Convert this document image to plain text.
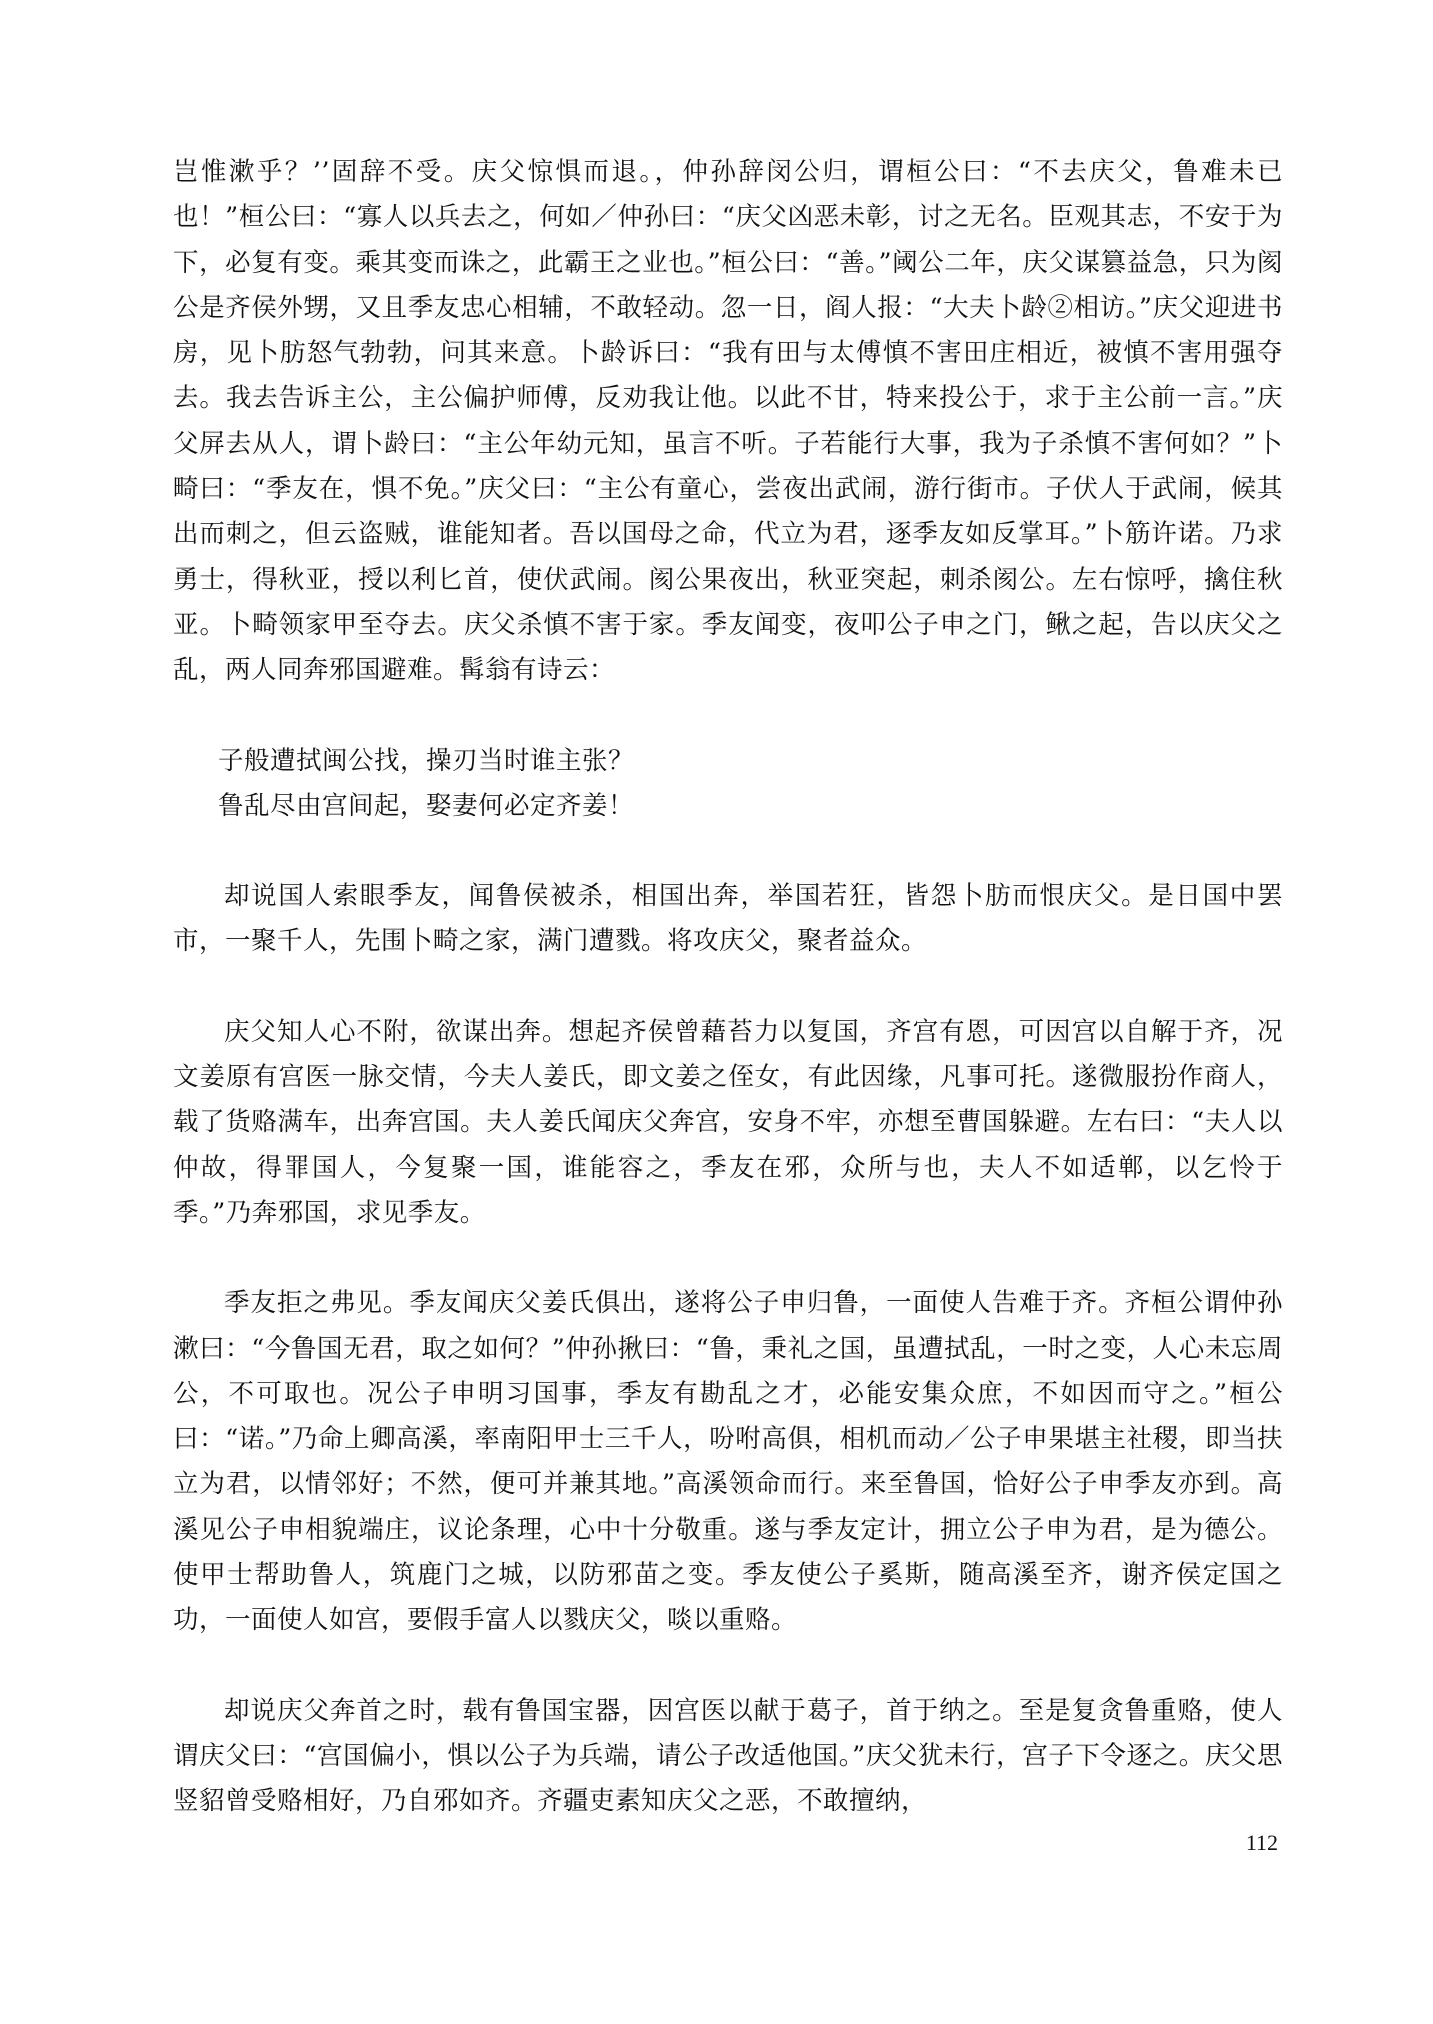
岂惟漱乎？’’固辞不受。庆父惊惧而退。，仲孙辞闵公归，谓桓公曰：“不去庆父，鲁难未已也！”桓公曰：“寡人以兵去之，何如／仲孙曰：“庆父凶恶未彰，讨之无名。臣观其志，不安于为下，必复有变。乘其变而诛之，此霸王之业也。”桓公曰：“善。”阈公二年，庆父谋篡益急，只为阂公是齐侯外甥，又且季友忠心相辅，不敢轻动。忽一日，阎人报：“大夫卜龄②相访。”庆父迎进书房，见卜肪怒气勃勃，问其来意。卜龄诉曰：“我有田与太傅慎不害田庄相近，被慎不害用强夺去。我去告诉主公，主公偏护师傅，反劝我让他。以此不甘，特来投公于，求于主公前一言。”庆父屏去从人，谓卜龄曰：“主公年幼元知，虽言不听。子若能行大事，我为子杀慎不害何如？”卜畸曰：“季友在，惧不免。”庆父曰：“主公有童心，尝夜出武闹，游行街市。子伏人于武闹，候其出而刺之，但云盗贼，谁能知者。吾以国母之命，代立为君，逐季友如反掌耳。”卜筋许诺。乃求勇士，得秋亚，授以利匕首，使伏武闹。阂公果夜出，秋亚突起，刺杀阂公。左右惊呼，擒住秋亚。卜畸领家甲至夺去。庆父杀慎不害于家。季友闻变，夜叩公子申之门，鳅之起，告以庆父之乱，两人同奔邪国避难。髯翁有诗云：

子般遭拭闽公找，操刃当时谁主张？

鲁乱尽由宫间起，娶妻何必定齐姜！

却说国人索眼季友，闻鲁侯被杀，相国出奔，举国若狂，皆怨卜肪而恨庆父。是日国中罢市，一聚千人，先围卜畸之家，满门遭戮。将攻庆父，聚者益众。

庆父知人心不附，欲谋出奔。想起齐侯曾藉苔力以复国，齐宫有恩，可因宫以自解于齐，况文姜原有宫医一脉交情，今夫人姜氏，即文姜之侄女，有此因缘，凡事可托。遂微服扮作商人，载了货赂满车，出奔宫国。夫人姜氏闻庆父奔宫，安身不牢，亦想至曹国躲避。左右曰：“夫人以仲故，得罪国人，今复聚一国，谁能容之，季友在邪，众所与也，夫人不如适郸，以乞怜于季。”乃奔邪国，求见季友。

季友拒之弗见。季友闻庆父姜氏俱出，遂将公子申归鲁，一面使人告难于齐。齐桓公谓仲孙漱曰：“今鲁国无君，取之如何？”仲孙揪曰：“鲁，秉礼之国，虽遭拭乱，一时之变，人心未忘周公，不可取也。况公子申明习国事，季友有勘乱之才，必能安集众庶，不如因而守之。”桓公曰：“诺。”乃命上卿高溪，率南阳甲士三千人，吩咐高俱，相机而动／公子申果堪主社稷，即当扶立为君，以情邻好；不然，便可并兼其地。”高溪领命而行。来至鲁国，恰好公子申季友亦到。高溪见公子申相貌端庄，议论条理，心中十分敬重。遂与季友定计，拥立公子申为君，是为德公。使甲士帮助鲁人，筑鹿门之城，以防邪苗之变。季友使公子奚斯，随高溪至齐，谢齐侯定国之功，一面使人如宫，要假手富人以戮庆父，啖以重赂。

却说庆父奔首之时，载有鲁国宝器，因宫医以献于葛子，首于纳之。至是复贪鲁重赂，使人谓庆父曰：“宫国偏小，惧以公子为兵端，请公子改适他国。”庆父犹未行，宫子下令逐之。庆父思竖貂曾受赂相好，乃自邪如齐。齐疆吏素知庆父之恶，不敢擅纳，

112
